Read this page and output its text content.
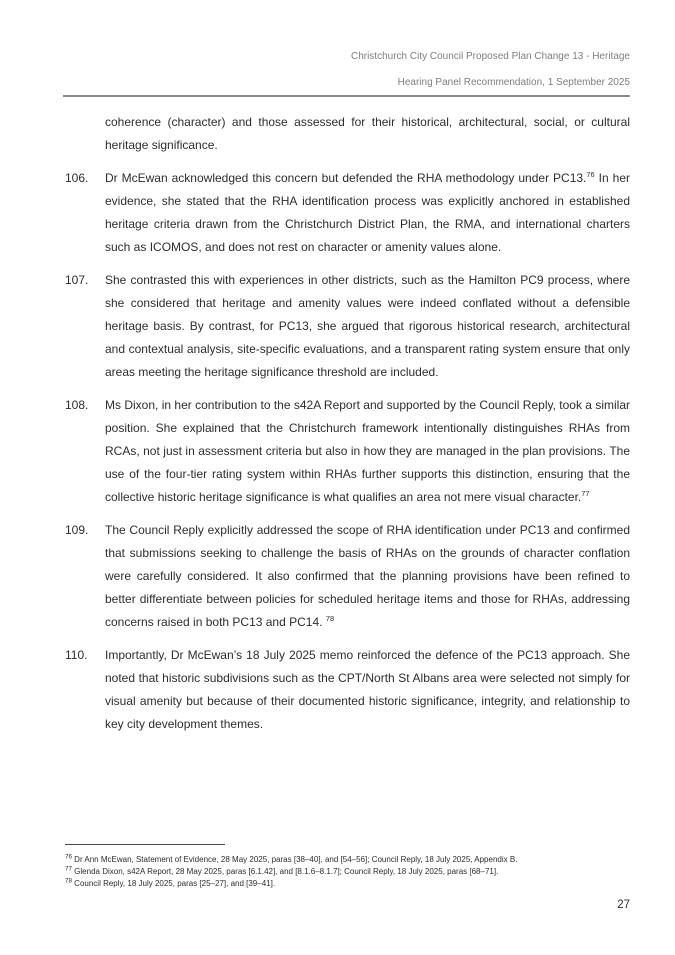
Christchurch City Council Proposed Plan Change 13 - Heritage
Hearing Panel Recommendation, 1 September 2025

coherence (character) and those assessed for their historical, architectural, social, or cultural heritage significance.

106.	Dr McEwan acknowledged this concern but defended the RHA methodology under PC13.76 In her evidence, she stated that the RHA identification process was explicitly anchored in established heritage criteria drawn from the Christchurch District Plan, the RMA, and international charters such as ICOMOS, and does not rest on character or amenity values alone.
107.	She contrasted this with experiences in other districts, such as the Hamilton PC9 process, where she considered that heritage and amenity values were indeed conflated without a defensible heritage basis. By contrast, for PC13, she argued that rigorous historical research, architectural and contextual analysis, site-specific evaluations, and a transparent rating system ensure that only areas meeting the heritage significance threshold are included.
108.	Ms Dixon, in her contribution to the s42A Report and supported by the Council Reply, took a similar position. She explained that the Christchurch framework intentionally distinguishes RHAs from RCAs, not just in assessment criteria but also in how they are managed in the plan provisions. The use of the four-tier rating system within RHAs further supports this distinction, ensuring that the collective historic heritage significance is what qualifies an area not mere visual character.$^{77}$
109.	The Council Reply explicitly addressed the scope of RHA identification under PC13 and confirmed that submissions seeking to challenge the basis of RHAs on the grounds of character conflation were carefully considered. It also confirmed that the planning provisions have been refined to better differentiate between policies for scheduled heritage items and those for RHAs, addressing concerns raised in both PC13 and PC14. $^{78}$
110.	Importantly, Dr McEwan’s 18 July 2025 memo reinforced the defence of the PC13 approach. She noted that historic subdivisions such as the CPT/North St Albans area were selected not simply for visual amenity but because of their documented historic significance, integrity, and relationship to key city development themes.
$^{76}$ Dr Ann McEwan, Statement of Evidence, 28 May 2025, paras [38–40], and [54–56]; Council Reply, 18 July 2025, Appendix B.
$^{77}$ Glenda Dixon, s42A Report, 28 May 2025, paras [6.1.42], and [8.1.6–8.1.7]; Council Reply, 18 July 2025, paras [68–71].
$^{78}$ Council Reply, 18 July 2025, paras [25–27], and [39–41].
27
